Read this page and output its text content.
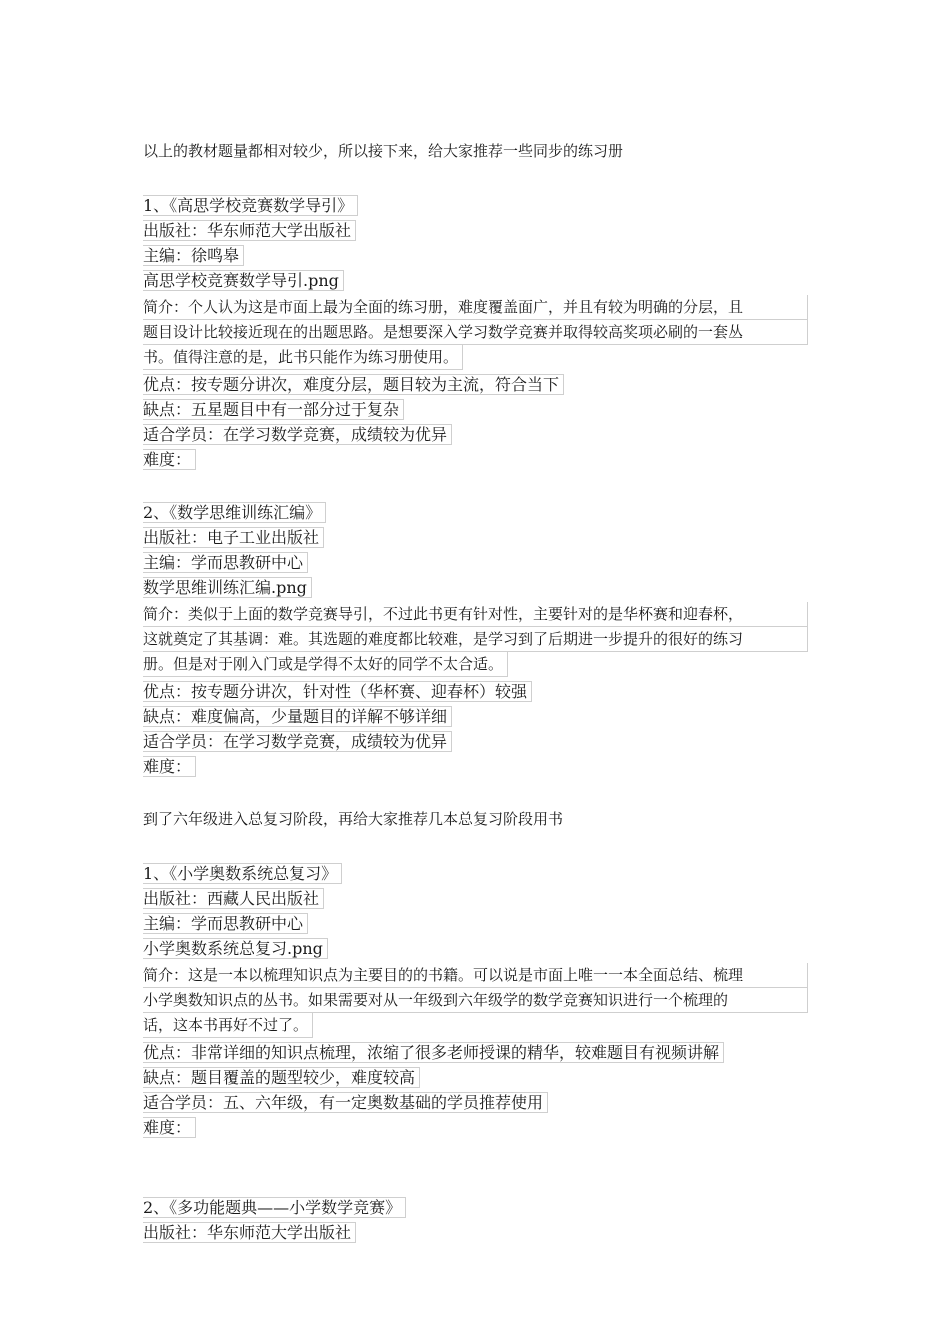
以上的教材题量都相对较少，所以接下来，给大家推荐一些同步的练习册
1、《高思学校竞赛数学导引》
出版社：华东师范大学出版社
主编：徐鸣皋
高思学校竞赛数学导引.png
简介：个人认为这是市面上最为全面的练习册，难度覆盖面广，并且有较为明确的分层，且
题目设计比较接近现在的出题思路。是想要深入学习数学竞赛并取得较高奖项必刷的一套丛
书。值得注意的是，此书只能作为练习册使用。
优点：按专题分讲次，难度分层，题目较为主流，符合当下
缺点：五星题目中有一部分过于复杂
适合学员：在学习数学竞赛，成绩较为优异
难度：
2、《数学思维训练汇编》
出版社：电子工业出版社
主编：学而思教研中心
数学思维训练汇编.png
简介：类似于上面的数学竞赛导引，不过此书更有针对性，主要针对的是华杯赛和迎春杯，
这就奠定了其基调：难。其选题的难度都比较难，是学习到了后期进一步提升的很好的练习
册。但是对于刚入门或是学得不太好的同学不太合适。
优点：按专题分讲次，针对性（华杯赛、迎春杯）较强
缺点：难度偏高，少量题目的详解不够详细
适合学员：在学习数学竞赛，成绩较为优异
难度：
到了六年级进入总复习阶段，再给大家推荐几本总复习阶段用书
1、《小学奥数系统总复习》
出版社：西藏人民出版社
主编：学而思教研中心
小学奥数系统总复习.png
简介：这是一本以梳理知识点为主要目的的书籍。可以说是市面上唯一一本全面总结、梳理
小学奥数知识点的丛书。如果需要对从一年级到六年级学的数学竞赛知识进行一个梳理的
话，这本书再好不过了。
优点：非常详细的知识点梳理，浓缩了很多老师授课的精华，较难题目有视频讲解
缺点：题目覆盖的题型较少，难度较高
适合学员：五、六年级，有一定奥数基础的学员推荐使用
难度：
2、《多功能题典——小学数学竞赛》
出版社：华东师范大学出版社
